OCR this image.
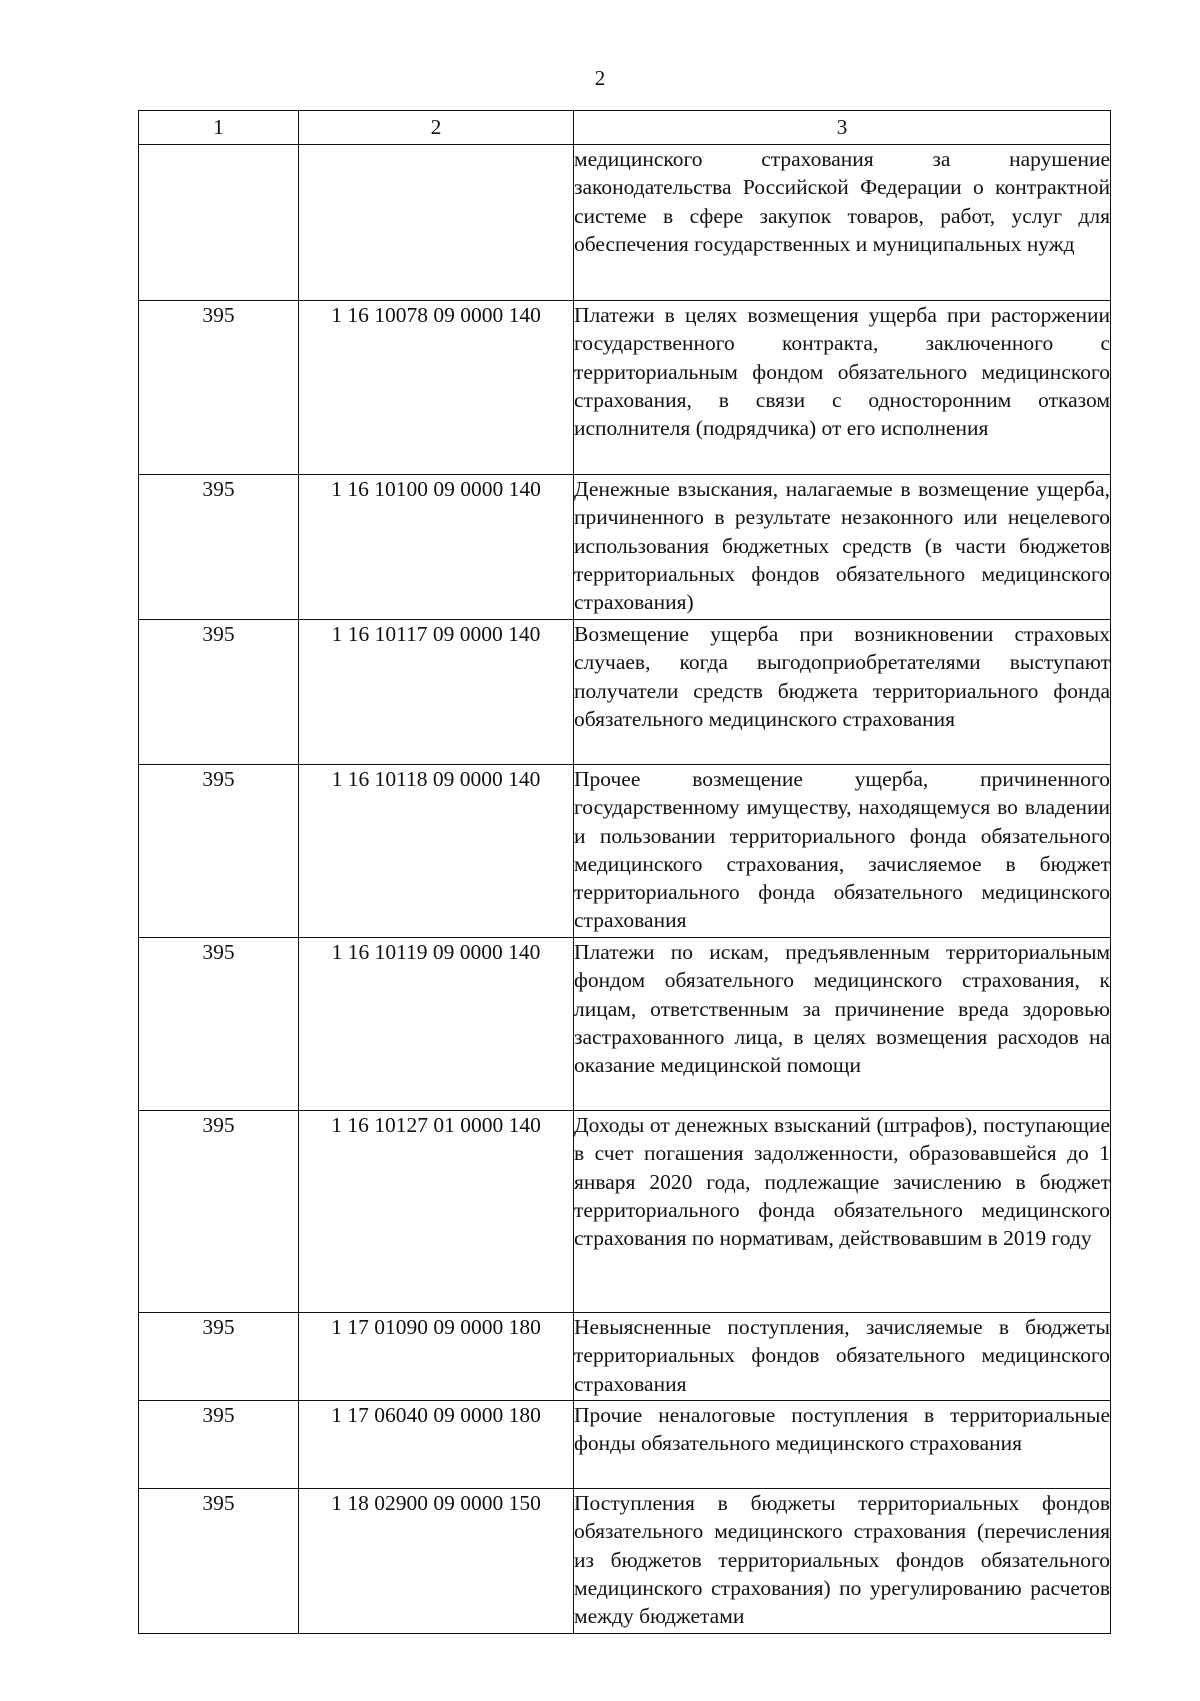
2
1	2	3
		медицинского страхования за нарушение законодательства Российской Федерации о контрактной системе в сфере закупок товаров, работ, услуг для обеспечения государственных и муниципальных нужд
395	1 16 10078 09 0000 140	Платежи в целях возмещения ущерба при расторжении государственного контракта, заключенного с территориальным фондом обязательного медицинского страхования, в связи с односторонним отказом исполнителя (подрядчика) от его исполнения
395	1 16 10100 09 0000 140	Денежные взыскания, налагаемые в возмещение ущерба, причиненного в результате незаконного или нецелевого использования бюджетных средств (в части бюджетов территориальных фондов обязательного медицинского страхования)
395	1 16 10117 09 0000 140	Возмещение ущерба при возникновении страховых случаев, когда выгодоприобретателями выступают получатели средств бюджета территориального фонда обязательного медицинского страхования
395	1 16 10118 09 0000 140	Прочее возмещение ущерба, причиненного государственному имуществу, находящемуся во владении и пользовании территориального фонда обязательного медицинского страхования, зачисляемое в бюджет территориального фонда обязательного медицинского страхования
395	1 16 10119 09 0000 140	Платежи по искам, предъявленным территориальным фондом обязательного медицинского страхования, к лицам, ответственным за причинение вреда здоровью застрахованного лица, в целях возмещения расходов на оказание медицинской помощи
395	1 16 10127 01 0000 140	Доходы от денежных взысканий (штрафов), поступающие в счет погашения задолженности, образовавшейся до 1 января 2020 года, подлежащие зачислению в бюджет территориального фонда обязательного медицинского страхования по нормативам, действовавшим в 2019 году
395	1 17 01090 09 0000 180	Невыясненные поступления, зачисляемые в бюджеты территориальных фондов обязательного медицинского страхования
395	1 17 06040 09 0000 180	Прочие неналоговые поступления в территориальные фонды обязательного медицинского страхования
395	1 18 02900 09 0000 150	Поступления в бюджеты территориальных фондов обязательного медицинского страхования (перечисления из бюджетов территориальных фондов обязательного медицинского страхования) по урегулированию расчетов между бюджетами
